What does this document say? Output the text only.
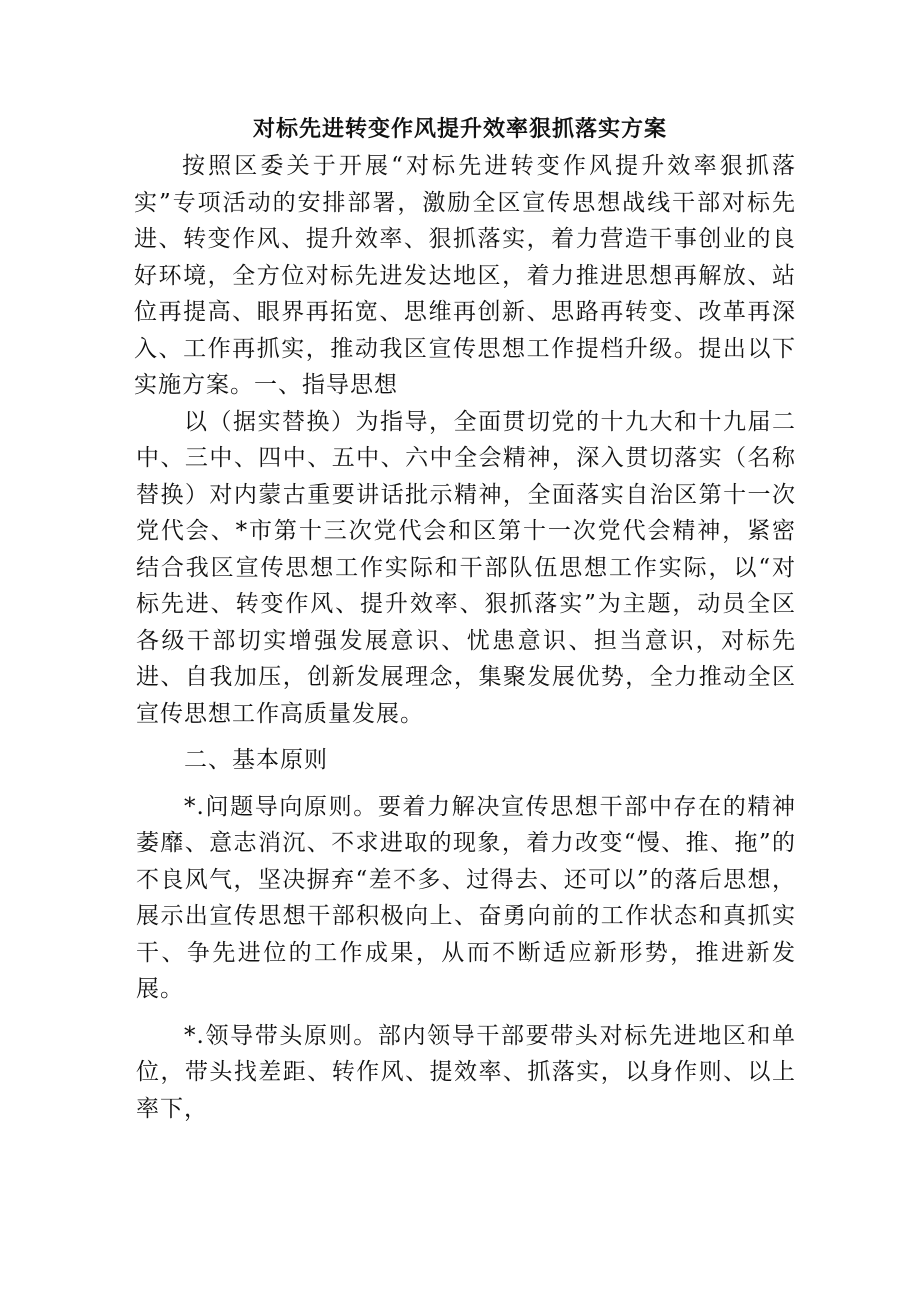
对标先进转变作风提升效率狠抓落实方案

按照区委关于开展“对标先进转变作风提升效率狠抓落实”专项活动的安排部署，激励全区宣传思想战线干部对标先进、转变作风、提升效率、狠抓落实，着力营造干事创业的良好环境，全方位对标先进发达地区，着力推进思想再解放、站位再提高、眼界再拓宽、思维再创新、思路再转变、改革再深入、工作再抓实，推动我区宣传思想工作提档升级。提出以下实施方案。一、指导思想

以（据实替换）为指导，全面贯切党的十九大和十九届二中、三中、四中、五中、六中全会精神，深入贯切落实（名称替换）对内蒙古重要讲话批示精神，全面落实自治区第十一次党代会、*市第十三次党代会和区第十一次党代会精神，紧密结合我区宣传思想工作实际和干部队伍思想工作实际，以“对标先进、转变作风、提升效率、狠抓落实”为主题，动员全区各级干部切实增强发展意识、忧患意识、担当意识，对标先进、自我加压，创新发展理念，集聚发展优势，全力推动全区宣传思想工作高质量发展。

二、基本原则

*.问题导向原则。要着力解决宣传思想干部中存在的精神萎靡、意志消沉、不求进取的现象，着力改变“慢、推、拖”的不良风气，坚决摒弃“差不多、过得去、还可以”的落后思想，展示出宣传思想干部积极向上、奋勇向前的工作状态和真抓实干、争先进位的工作成果，从而不断适应新形势，推进新发展。

*.领导带头原则。部内领导干部要带头对标先进地区和单位，带头找差距、转作风、提效率、抓落实，以身作则、以上率下，
